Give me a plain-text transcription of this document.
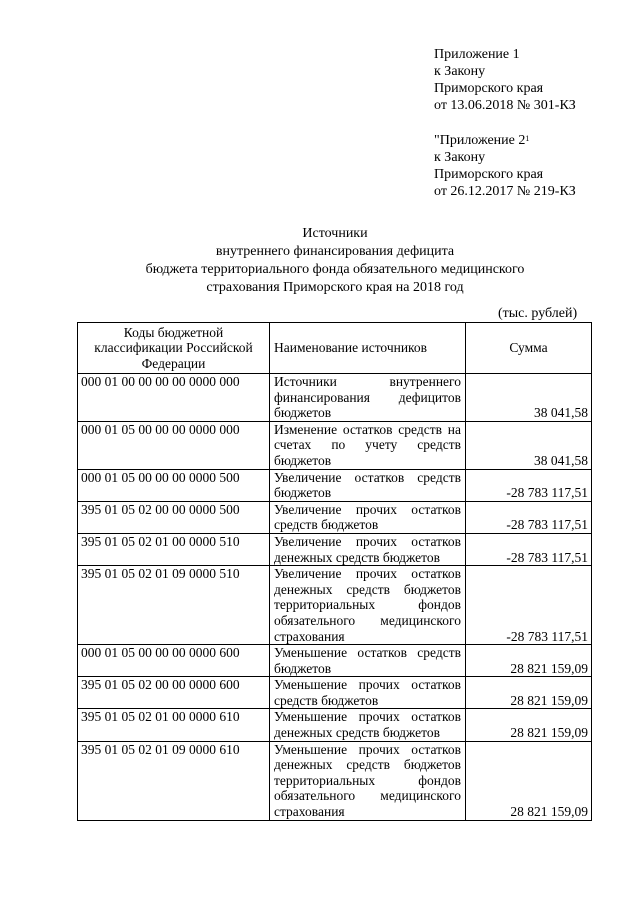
Приложение 1
к Закону
Приморского края
от 13.06.2018 № 301-КЗ
"Приложение $2^1$
к Закону
Приморского края
от 26.12.2017 № 219-КЗ
Источники
внутреннего финансирования дефицита
бюджета территориального фонда обязательного медицинского
страхования Приморского края на 2018 год
(тыс. рублей)
Коды бюджетной классификации Российской Федерации	Наименование источников	Сумма
000 01 00 00 00 00 0000 000	Источники внутреннего финансирования дефицитов бюджетов	38 041,58
000 01 05 00 00 00 0000 000	Изменение остатков средств на счетах по учету средств бюджетов	38 041,58
000 01 05 00 00 00 0000 500	Увеличение остатков средств бюджетов	-28 783 117,51
395 01 05 02 00 00 0000 500	Увеличение прочих остатков средств бюджетов	-28 783 117,51
395 01 05 02 01 00 0000 510	Увеличение прочих остатков денежных средств бюджетов	-28 783 117,51
395 01 05 02 01 09 0000 510	Увеличение прочих остатков денежных средств бюджетов территориальных фондов обязательного медицинского страхования	-28 783 117,51
000 01 05 00 00 00 0000 600	Уменьшение остатков средств бюджетов	28 821 159,09
395 01 05 02 00 00 0000 600	Уменьшение прочих остатков средств бюджетов	28 821 159,09
395 01 05 02 01 00 0000 610	Уменьшение прочих остатков денежных средств бюджетов	28 821 159,09
395 01 05 02 01 09 0000 610	Уменьшение прочих остатков денежных средств бюджетов территориальных фондов обязательного медицинского страхования	28 821 159,09
